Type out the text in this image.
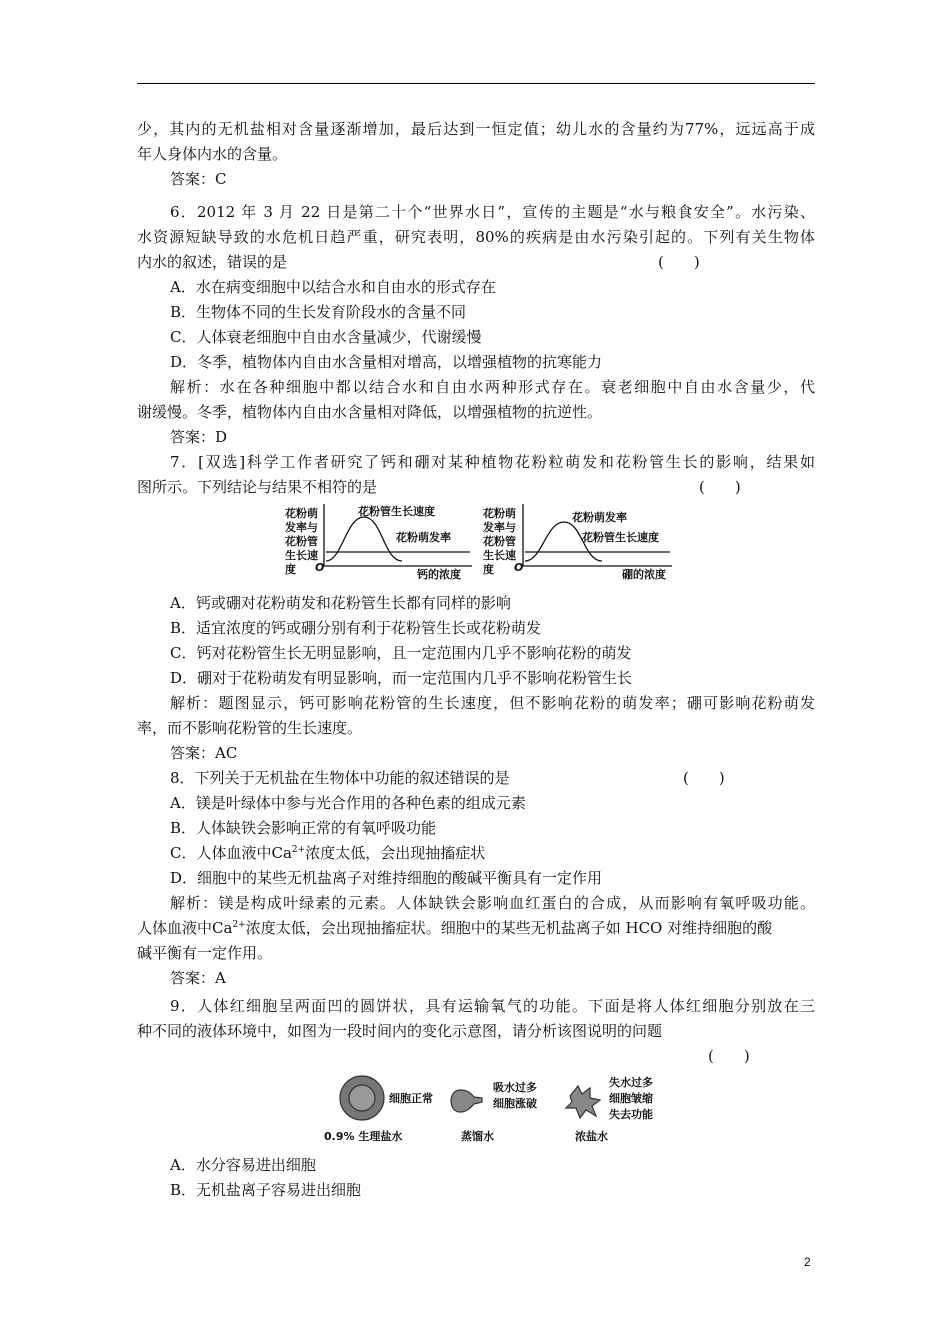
少，其内的无机盐相对含量逐渐增加，最后达到一恒定值；幼儿水的含量约为77%，远远高于成
年人身体内水的含量。
答案：C
6．2012 年 3 月 22 日是第二十个“世界水日”，宣传的主题是“水与粮食安全”。水污染、
水资源短缺导致的水危机日趋严重，研究表明，80%的疾病是由水污染引起的。下列有关生物体
内水的叙述，错误的是	(　　)
A．水在病变细胞中以结合水和自由水的形式存在
B．生物体不同的生长发育阶段水的含量不同
C．人体衰老细胞中自由水含量减少，代谢缓慢
D．冬季，植物体内自由水含量相对增高，以增强植物的抗寒能力
解析：水在各种细胞中都以结合水和自由水两种形式存在。衰老细胞中自由水含量少，代
谢缓慢。冬季，植物体内自由水含量相对降低，以增强植物的抗逆性。
答案：D
7．[双选]科学工作者研究了钙和硼对某种植物花粉粒萌发和花粉管生长的影响，结果如
图所示。下列结论与结果不相符的是	(　　)
花粉萌
发率与
花粉管
生长速
度 O
钙的浓度
花粉管生长速度
花粉萌发率
花粉萌
发率与
花粉管
生长速
度 O
硼的浓度
花粉萌发率
花粉管生长速度
A．钙或硼对花粉萌发和花粉管生长都有同样的影响
B．适宜浓度的钙或硼分别有利于花粉管生长或花粉萌发
C．钙对花粉管生长无明显影响，且一定范围内几乎不影响花粉的萌发
D．硼对于花粉萌发有明显影响，而一定范围内几乎不影响花粉管生长
解析：题图显示，钙可影响花粉管的生长速度，但不影响花粉的萌发率；硼可影响花粉萌发
率，而不影响花粉管的生长速度。
答案：AC
8．下列关于无机盐在生物体中功能的叙述错误的是	(　　)
A．镁是叶绿体中参与光合作用的各种色素的组成元素
B．人体缺铁会影响正常的有氧呼吸功能
C．人体血液中$Ca^{2+}$浓度太低，会出现抽搐症状
D．细胞中的某些无机盐离子对维持细胞的酸碱平衡具有一定作用
解析：镁是构成叶绿素的元素。人体缺铁会影响血红蛋白的合成，从而影响有氧呼吸功能。
人体血液中$Ca^{2+}$浓度太低，会出现抽搐症状。细胞中的某些无机盐离子如 HCO 对维持细胞的酸
碱平衡有一定作用。
答案：A
9．人体红细胞呈两面凹的圆饼状，具有运输氧气的功能。下面是将人体红细胞分别放在三
种不同的液体环境中，如图为一段时间内的变化示意图，请分析该图说明的问题
(　　)
细胞正常
0.9% 生理盐水
吸水过多
细胞涨破
蒸馏水
失水过多
细胞皱缩
失去功能
浓盐水
A．水分容易进出细胞
B．无机盐离子容易进出细胞
2
